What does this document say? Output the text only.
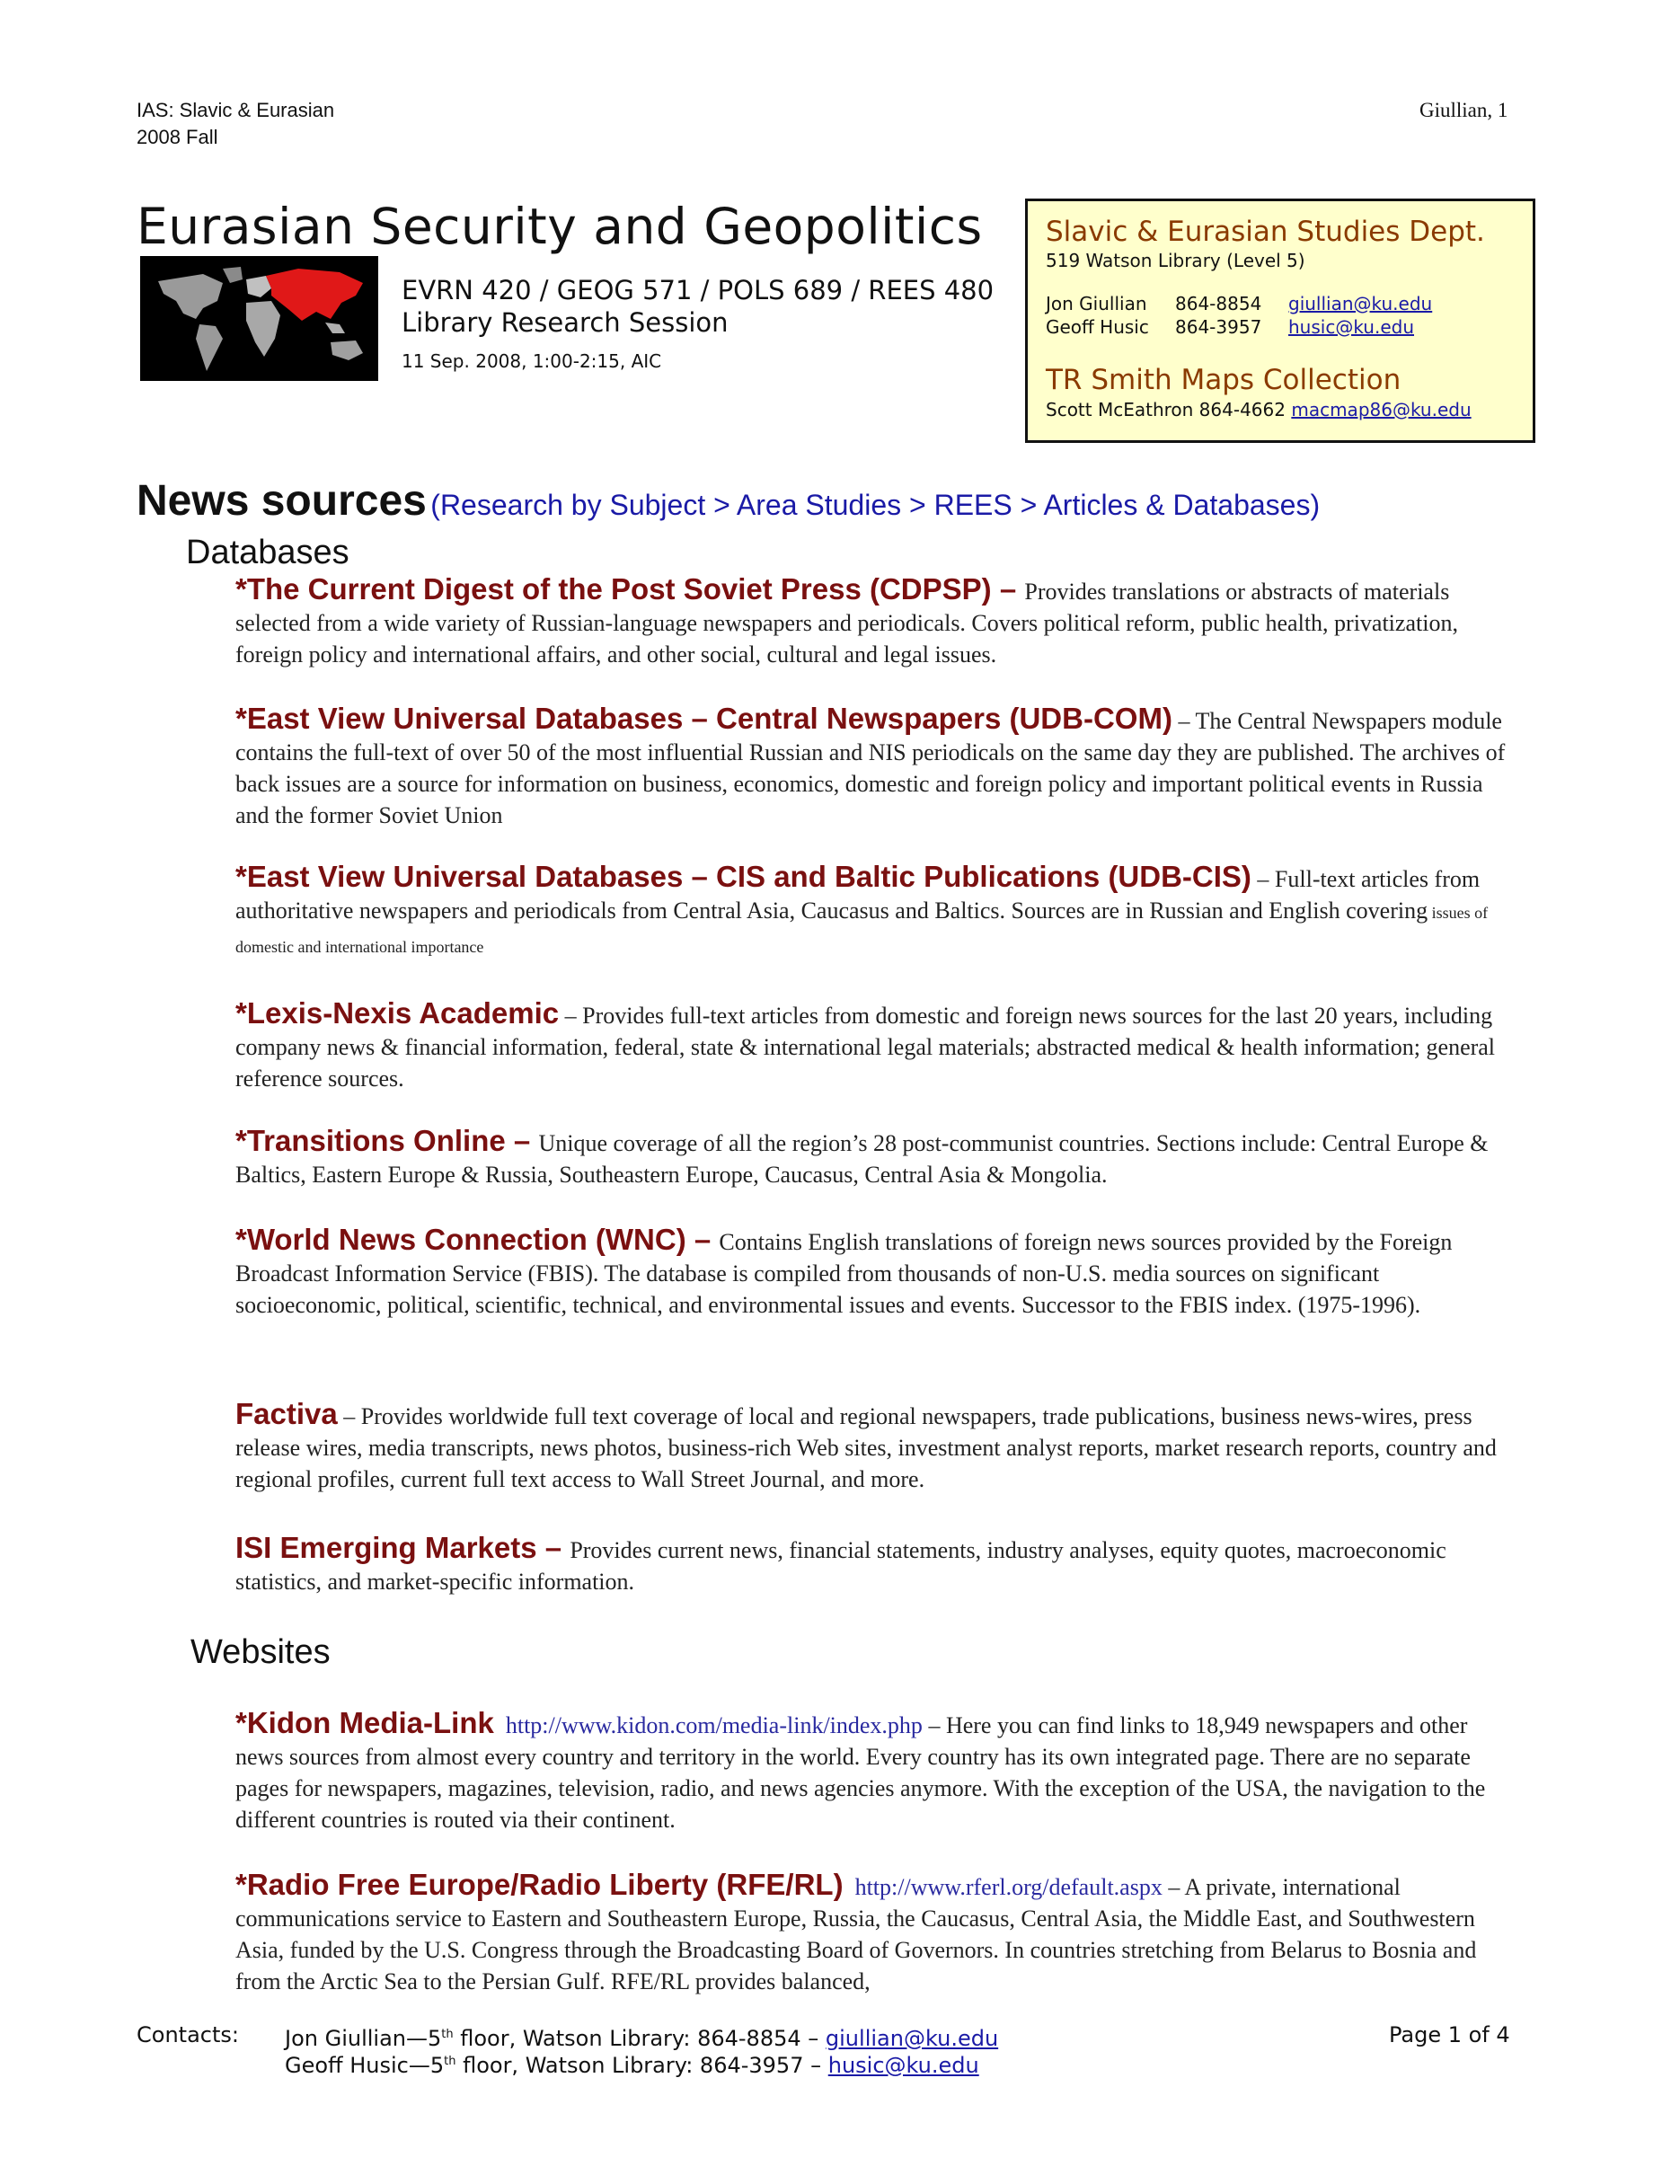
IAS: Slavic & Eurasian
2008 Fall
Giullian, 1
Eurasian Security and Geopolitics
EVRN 420 / GEOG 571 / POLS 689 / REES 480
Library Research Session
11 Sep. 2008, 1:00-2:15, AIC
Slavic & Eurasian Studies Dept.
519 Watson Library (Level 5)
Jon Giullian 864-8854 giullian@ku.edu
Geoff Husic 864-3957 husic@ku.edu
TR Smith Maps Collection
Scott McEathron 864-4662 macmap86@ku.edu
News sources (Research by Subject > Area Studies > REES > Articles & Databases)
Databases
*The Current Digest of the Post Soviet Press (CDPSP) – Provides translations or abstracts of materials selected from a wide variety of Russian-language newspapers and periodicals. Covers political reform, public health, privatization, foreign policy and international affairs, and other social, cultural and legal issues.
*East View Universal Databases – Central Newspapers (UDB-COM) – The Central Newspapers module contains the full-text of over 50 of the most influential Russian and NIS periodicals on the same day they are published. The archives of back issues are a source for information on business, economics, domestic and foreign policy and important political events in Russia and the former Soviet Union
*East View Universal Databases – CIS and Baltic Publications (UDB-CIS) – Full-text articles from authoritative newspapers and periodicals from Central Asia, Caucasus and Baltics. Sources are in Russian and English covering issues of domestic and international importance
*Lexis-Nexis Academic – Provides full-text articles from domestic and foreign news sources for the last 20 years, including company news & financial information, federal, state & international legal materials; abstracted medical & health information; general reference sources.
*Transitions Online – Unique coverage of all the region’s 28 post-communist countries. Sections include: Central Europe & Baltics, Eastern Europe & Russia, Southeastern Europe, Caucasus, Central Asia & Mongolia.
*World News Connection (WNC) – Contains English translations of foreign news sources provided by the Foreign Broadcast Information Service (FBIS). The database is compiled from thousands of non-U.S. media sources on significant socioeconomic, political, scientific, technical, and environmental issues and events. Successor to the FBIS index. (1975-1996).
Factiva – Provides worldwide full text coverage of local and regional newspapers, trade publications, business news-wires, press release wires, media transcripts, news photos, business-rich Web sites, investment analyst reports, market research reports, country and regional profiles, current full text access to Wall Street Journal, and more.
ISI Emerging Markets – Provides current news, financial statements, industry analyses, equity quotes, macroeconomic statistics, and market-specific information.
Websites
*Kidon Media-Link http://www.kidon.com/media-link/index.php – Here you can find links to 18,949 newspapers and other news sources from almost every country and territory in the world. Every country has its own integrated page. There are no separate pages for newspapers, magazines, television, radio, and news agencies anymore. With the exception of the USA, the navigation to the different countries is routed via their continent.
*Radio Free Europe/Radio Liberty (RFE/RL) http://www.rferl.org/default.aspx – A private, international communications service to Eastern and Southeastern Europe, Russia, the Caucasus, Central Asia, the Middle East, and Southwestern Asia, funded by the U.S. Congress through the Broadcasting Board of Governors. In countries stretching from Belarus to Bosnia and from the Arctic Sea to the Persian Gulf. RFE/RL provides balanced,
Contacts: Jon Giullian—5th floor, Watson Library: 864-8854 – giullian@ku.edu
Geoff Husic—5th floor, Watson Library: 864-3957 – husic@ku.edu
Page 1 of 4
